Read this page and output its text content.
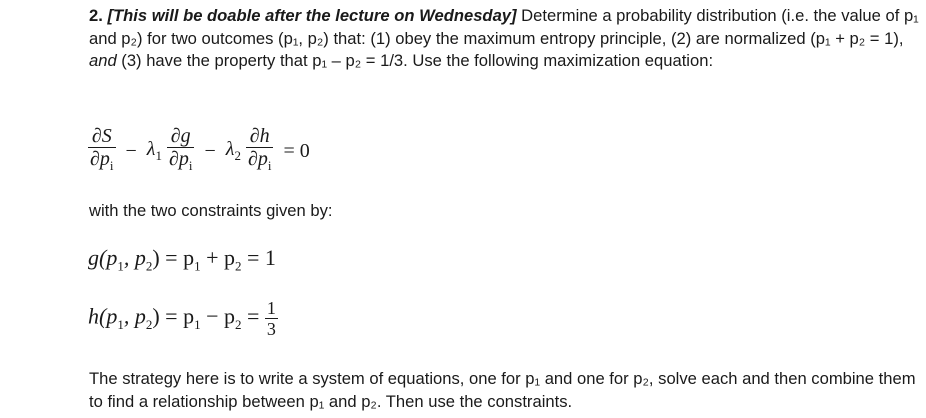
2. [This will be doable after the lecture on Wednesday] Determine a probability distribution (i.e. the value of p₁ and p₂) for two outcomes (p₁, p₂) that: (1) obey the maximum entropy principle, (2) are normalized (p₁ + p₂ = 1), and (3) have the property that p₁ – p₂ = 1/3. Use the following maximization equation:
$\frac{\partial S}{\partial p_i} - \lambda_1 \frac{\partial g}{\partial p_i} - \lambda_2 \frac{\partial h}{\partial p_i} = 0$
with the two constraints given by:
$g(p_1$, $p_2) = p_1 + p_2 = 1$
$h(p_1$, $p_2) = p_1 - p_2 = \frac{1}{3}$
The strategy here is to write a system of equations, one for p₁ and one for p₂, solve each and then combine them to find a relationship between p₁ and p₂. Then use the constraints.
